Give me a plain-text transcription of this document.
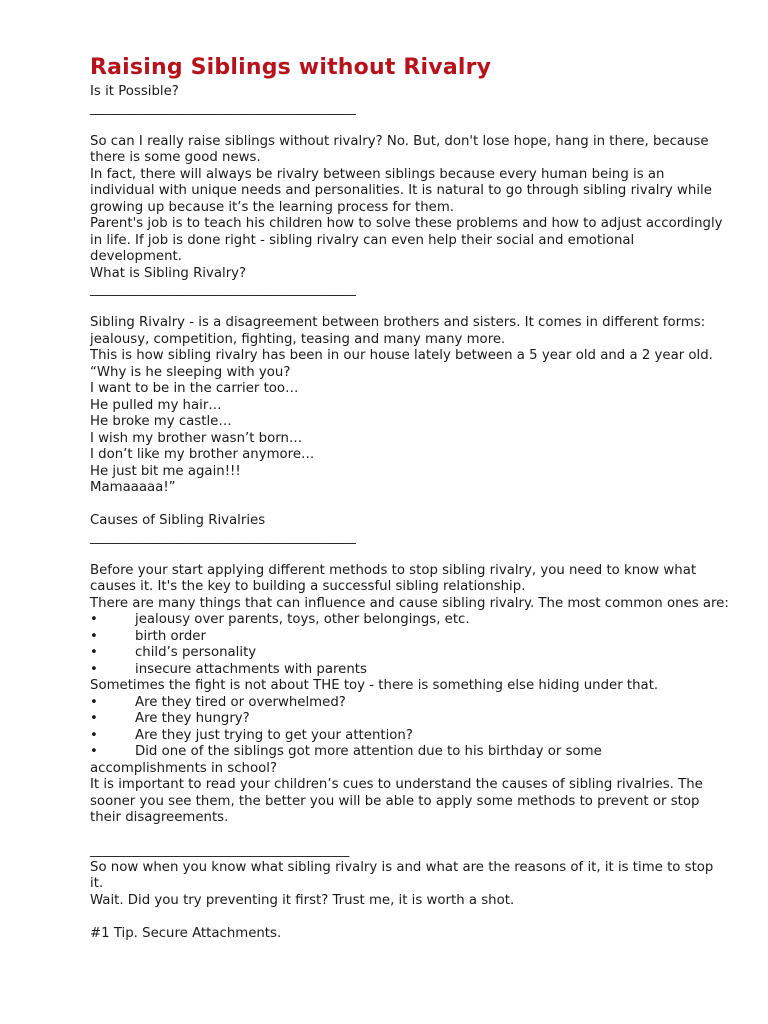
Raising Siblings without Rivalry

Is it Possible?

________________________________________

So can I really raise siblings without rivalry? No. But, don't lose hope, hang in there, because there is some good news.

In fact, there will always be rivalry between siblings because every human being is an individual with unique needs and personalities. It is natural to go through sibling rivalry while growing up because it’s the learning process for them.

Parent's job is to teach his children how to solve these problems and how to adjust accordingly in life. If job is done right - sibling rivalry can even help their social and emotional development.

What is Sibling Rivalry?

________________________________________

Sibling Rivalry - is a disagreement between brothers and sisters. It comes in different forms: jealousy, competition, fighting, teasing and many many more.

This is how sibling rivalry has been in our house lately between a 5 year old and a 2 year old.

“Why is he sleeping with you?

I want to be in the carrier too…

He pulled my hair…

He broke my castle…

I wish my brother wasn’t born…

I don’t like my brother anymore…

He just bit me again!!!

Mamaaaaa!”

Causes of Sibling Rivalries

________________________________________

Before your start applying different methods to stop sibling rivalry, you need to know what causes it. It's the key to building a successful sibling relationship.

There are many things that can influence and cause sibling rivalry. The most common ones are:

•	jealousy over parents, toys, other belongings, etc.
•	birth order
•	child’s personality
•	insecure attachments with parents

Sometimes the fight is not about THE toy - there is something else hiding under that.

•	Are they tired or overwhelmed?
•	Are they hungry?
•	Are they just trying to get your attention?
•	Did one of the siblings got more attention due to his birthday or some

accomplishments in school?

It is important to read your children’s cues to understand the causes of sibling rivalries. The sooner you see them, the better you will be able to apply some methods to prevent or stop their disagreements.

_______________________________________

So now when you know what sibling rivalry is and what are the reasons of it, it is time to stop it.

Wait. Did you try preventing it first? Trust me, it is worth a shot.

#1 Tip. Secure Attachments.
